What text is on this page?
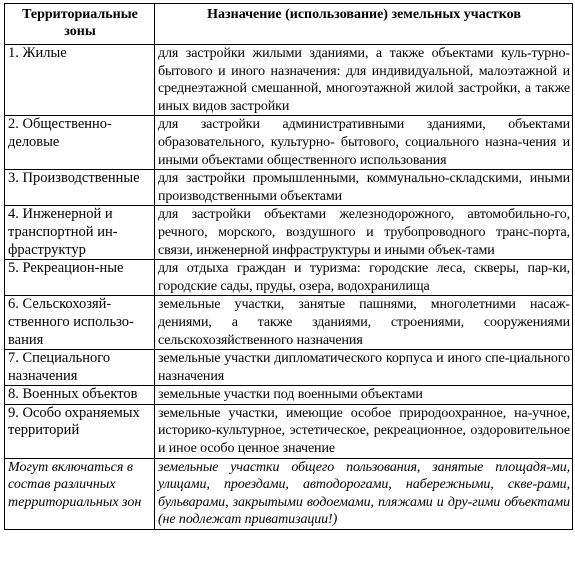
Территориальные зоны	Назначение (использование) земельных участков
1. Жилые	для застройки жилыми зданиями, а также объектами куль-турно-бытового и иного назначения: для индивидуальной, малоэтажной и среднеэтажной смешанной, многоэтажной жилой застройки, а также иных видов застройки
2. Общественно-деловые	для застройки административными зданиями, объектами образовательного, культурно- бытового, социального назна-чения и иными объектами общественного использования
3. Производственные	для застройки промышленными, коммунально-складскими, иными производственными объектами
4. Инженерной и транспортной ин-фраструктур	для застройки объектами железнодорожного, автомобильно-го, речного, морского, воздушного и трубопроводного транс-порта, связи, инженерной инфраструктуры и иными объек-тами
5. Рекреацион-ные	для отдыха граждан и туризма: городские леса, скверы, пар-ки, городские сады, пруды, озера, водохранилища
6. Сельскохозяй-ственного использо-вания	земельные участки, занятые пашнями, многолетними насаж-дениями, а также зданиями, строениями, сооружениями сельскохозяйственного назначения
7. Специального назначения	земельные участки дипломатического корпуса и иного спе-циального назначения
8. Военных объектов	земельные участки под военными объектами
9. Особо охраняемых территорий	земельные участки, имеющие особое природоохранное, на-учное, историко-культурное, эстетическое, рекреационное, оздоровительное и иное особо ценное значение
Могут включаться в состав различных территориальных зон	земельные участки общего пользования, занятые площадя-ми, улицами, проездами, автодорогами, набережными, скве-рами, бульварами, закрытыми водоемами, пляжами и дру-гими объектами (не подлежат приватизации!)
